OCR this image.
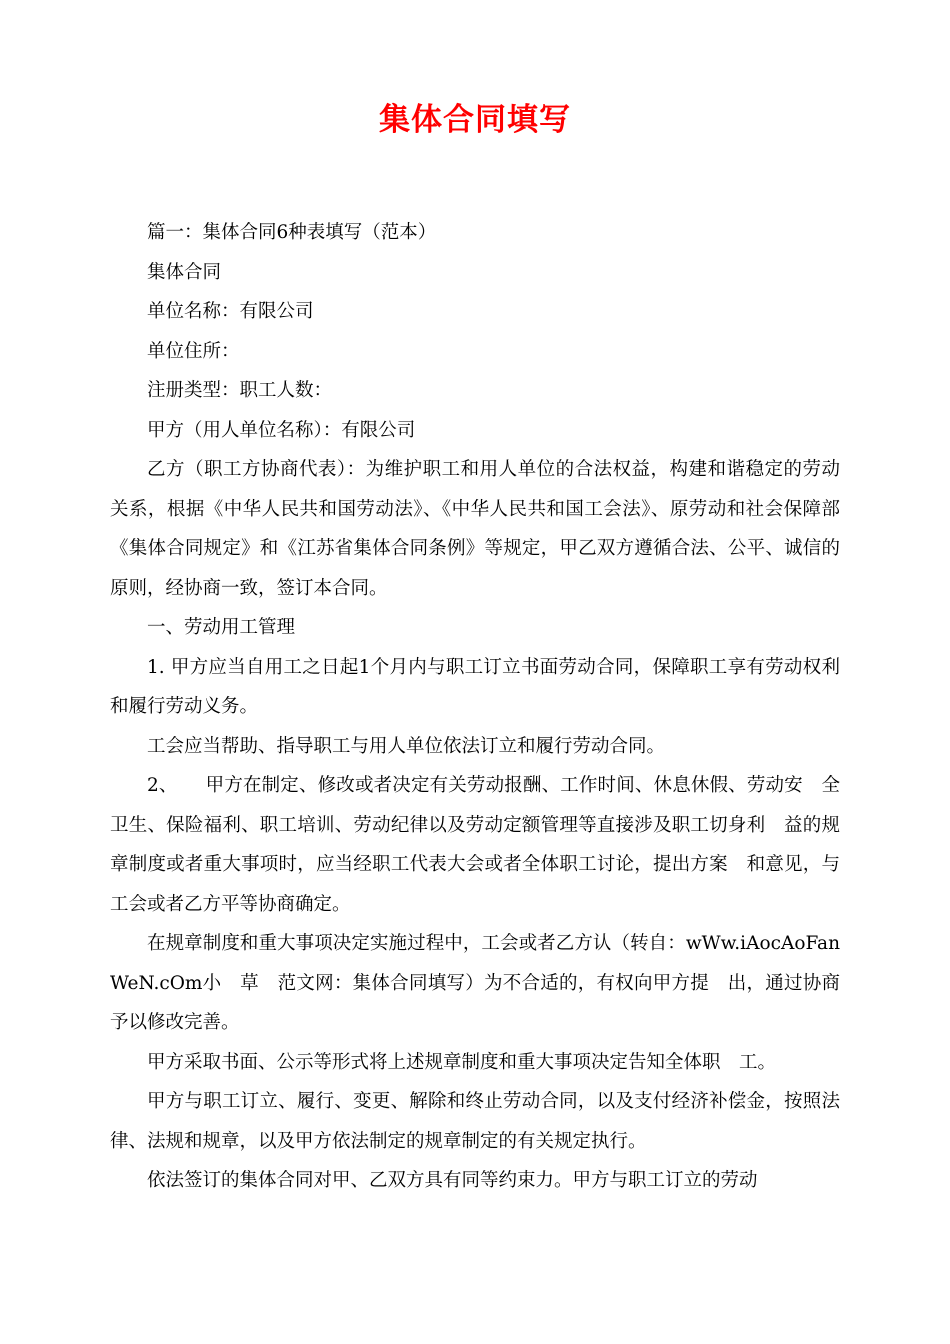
集体合同填写

篇一：集体合同6种表填写（范本）

集体合同

单位名称：有限公司

单位住所：

注册类型：职工人数：

甲方（用人单位名称）：有限公司

乙方（职工方协商代表）：为维护职工和用人单位的合法权益，构建和谐稳定的劳动关系，根据《中华人民共和国劳动法》、《中华人民共和国工会法》、原劳动和社会保障部《集体合同规定》和《江苏省集体合同条例》等规定，甲乙双方遵循合法、公平、诚信的原则，经协商一致，签订本合同。

一、劳动用工管理

1. 甲方应当自用工之日起1个月内与职工订立书面劳动合同，保障职工享有劳动权利和履行劳动义务。

工会应当帮助、指导职工与用人单位依法订立和履行劳动合同。

2、　　甲方在制定、修改或者决定有关劳动报酬、工作时间、休息休假、劳动安　全卫生、保险福利、职工培训、劳动纪律以及劳动定额管理等直接涉及职工切身利　益的规章制度或者重大事项时，应当经职工代表大会或者全体职工讨论，提出方案　和意见，与工会或者乙方平等协商确定。

在规章制度和重大事项决定实施过程中，工会或者乙方认（转自：wWw.iAocAoFanWeN.cOm小　草　范文网：集体合同填写）为不合适的，有权向甲方提　出，通过协商予以修改完善。

甲方采取书面、公示等形式将上述规章制度和重大事项决定告知全体职　工。

甲方与职工订立、履行、变更、解除和终止劳动合同，以及支付经济补偿金，按照法律、法规和规章，以及甲方依法制定的规章制定的有关规定执行。

依法签订的集体合同对甲、乙双方具有同等约束力。甲方与职工订立的劳动
